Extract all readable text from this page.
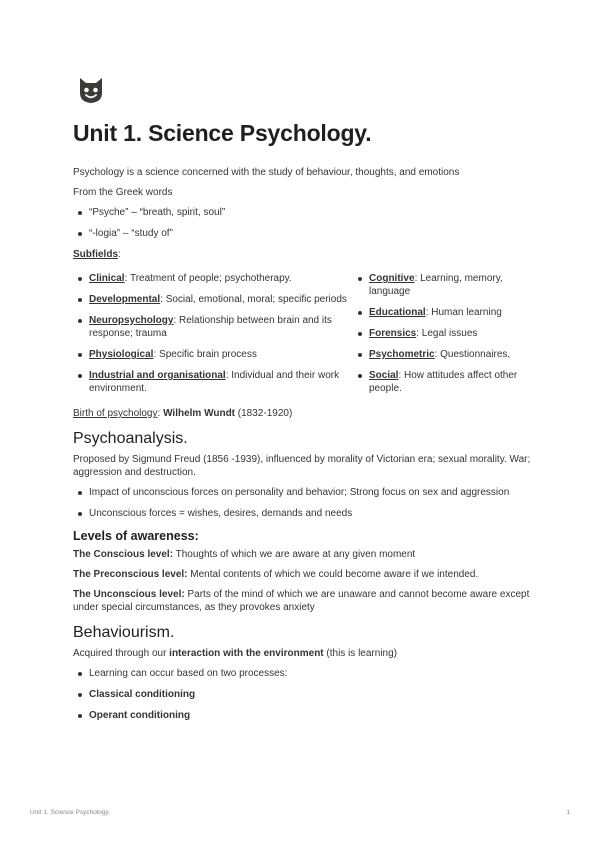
Unit 1. Science Psychology.

Psychology is a science concerned with the study of behaviour, thoughts, and emotions

From the Greek words

“Psyche” – “breath, spirit, soul”
“-logia” – “study of”

Subfields:

Clinical: Treatment of people; psychotherapy.
Developmental: Social, emotional, moral; specific periods
Neuropsychology: Relationship between brain and its response; trauma
Physiological: Specific brain process
Industrial and organisational: Individual and their work environment.
Cognitive: Learning, memory, language
Educational: Human learning
Forensics: Legal issues
Psychometric: Questionnaires,
Social: How attitudes affect other people.

Birth of psychology: Wilhelm Wundt (1832-1920)

Psychoanalysis.

Proposed by Sigmund Freud (1856 -1939), influenced by morality of Victorian era; sexual morality. War; aggression and destruction.

Impact of unconscious forces on personality and behavior; Strong focus on sex and aggression
Unconscious forces = wishes, desires, demands and needs
Levels of awareness:

The Conscious level: Thoughts of which we are aware at any given moment

The Preconscious level: Mental contents of which we could become aware if we intended.

The Unconscious level: Parts of the mind of which we are unaware and cannot become aware except under special circumstances, as they provokes anxiety

Behaviourism.

Acquired through our interaction with the environment (this is learning)

Learning can occur based on two processes:
Classical conditioning
Operant conditioning
Unit 1. Science Psychology.	1
